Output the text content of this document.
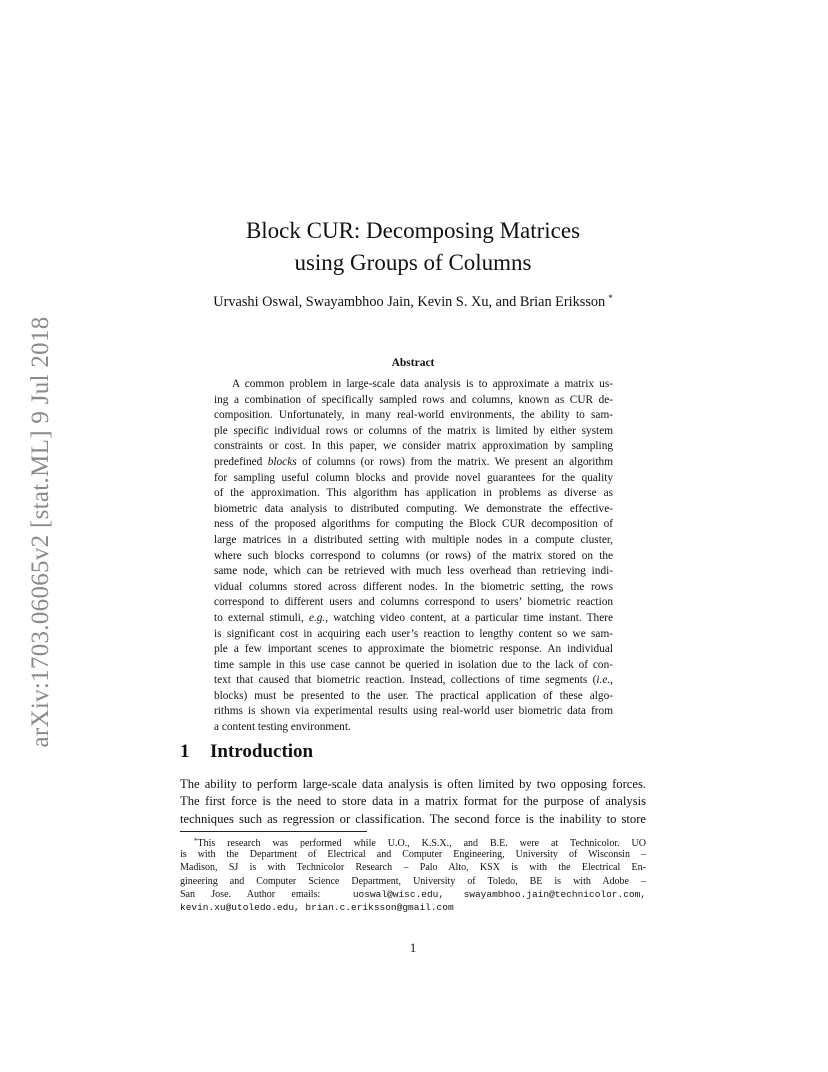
arXiv:1703.06065v2 [stat.ML] 9 Jul 2018
Block CUR: Decomposing Matrices
using Groups of Columns
Urvashi Oswal, Swayambhoo Jain, Kevin S. Xu, and Brian Eriksson *
Abstract
A common problem in large-scale data analysis is to approximate a matrix us-
ing a combination of specifically sampled rows and columns, known as CUR de-
composition. Unfortunately, in many real-world environments, the ability to sam-
ple specific individual rows or columns of the matrix is limited by either system
constraints or cost. In this paper, we consider matrix approximation by sampling
predefined blocks of columns (or rows) from the matrix. We present an algorithm
for sampling useful column blocks and provide novel guarantees for the quality
of the approximation. This algorithm has application in problems as diverse as
biometric data analysis to distributed computing. We demonstrate the effective-
ness of the proposed algorithms for computing the Block CUR decomposition of
large matrices in a distributed setting with multiple nodes in a compute cluster,
where such blocks correspond to columns (or rows) of the matrix stored on the
same node, which can be retrieved with much less overhead than retrieving indi-
vidual columns stored across different nodes. In the biometric setting, the rows
correspond to different users and columns correspond to users’ biometric reaction
to external stimuli, e.g., watching video content, at a particular time instant. There
is significant cost in acquiring each user’s reaction to lengthy content so we sam-
ple a few important scenes to approximate the biometric response. An individual
time sample in this use case cannot be queried in isolation due to the lack of con-
text that caused that biometric reaction. Instead, collections of time segments (i.e.,
blocks) must be presented to the user. The practical application of these algo-
rithms is shown via experimental results using real-world user biometric data from
a content testing environment.
1 Introduction
The ability to perform large-scale data analysis is often limited by two opposing forces.
The first force is the need to store data in a matrix format for the purpose of analysis
techniques such as regression or classification. The second force is the inability to store
*This research was performed while U.O., K.S.X., and B.E. were at Technicolor. UO
is with the Department of Electrical and Computer Engineering, University of Wisconsin –
Madison, SJ is with Technicolor Research – Palo Alto, KSX is with the Electrical En-
gineering and Computer Science Department, University of Toledo, BE is with Adobe –
San Jose. Author emails:	uoswal@wisc.edu, swayambhoo.jain@technicolor.com,
kevin.xu@utoledo.edu, brian.c.eriksson@gmail.com
1
